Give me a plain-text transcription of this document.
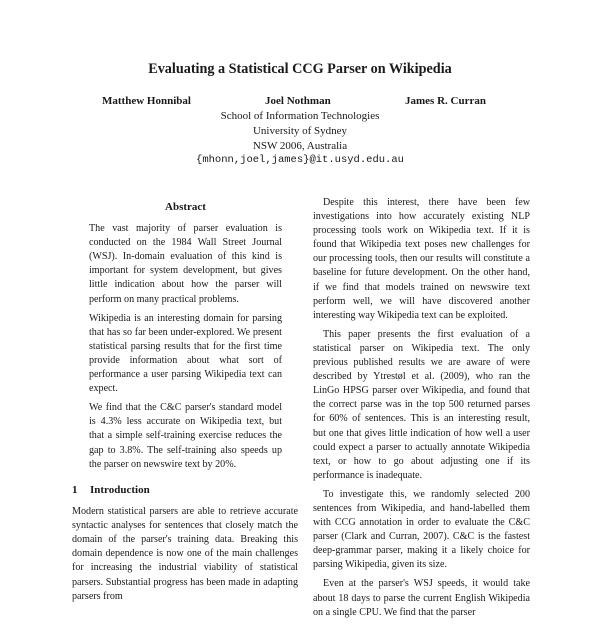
Evaluating a Statistical CCG Parser on Wikipedia
Matthew Honnibal	Joel Nothman	James R. Curran
School of Information Technologies
University of Sydney
NSW 2006, Australia
{mhonn,joel,james}@it.usyd.edu.au
Abstract

The vast majority of parser evaluation is conducted on the 1984 Wall Street Journal (WSJ). In-domain evaluation of this kind is important for system development, but gives little indication about how the parser will perform on many practical problems.

Wikipedia is an interesting domain for parsing that has so far been under-explored. We present statistical parsing results that for the first time provide information about what sort of performance a user parsing Wikipedia text can expect.

We find that the C&C parser's standard model is 4.3% less accurate on Wikipedia text, but that a simple self-training exercise reduces the gap to 3.8%. The self-training also speeds up the parser on newswire text by 20%.

1 Introduction

Modern statistical parsers are able to retrieve accurate syntactic analyses for sentences that closely match the domain of the parser's training data. Breaking this domain dependence is now one of the main challenges for increasing the industrial viability of statistical parsers. Substantial progress has been made in adapting parsers from

Despite this interest, there have been few investigations into how accurately existing NLP processing tools work on Wikipedia text. If it is found that Wikipedia text poses new challenges for our processing tools, then our results will constitute a baseline for future development. On the other hand, if we find that models trained on newswire text perform well, we will have discovered another interesting way Wikipedia text can be exploited.

This paper presents the first evaluation of a statistical parser on Wikipedia text. The only previous published results we are aware of were described by Ytrestøl et al. (2009), who ran the LinGo HPSG parser over Wikipedia, and found that the correct parse was in the top 500 returned parses for 60% of sentences. This is an interesting result, but one that gives little indication of how well a user could expect a parser to actually annotate Wikipedia text, or how to go about adjusting one if its performance is inadequate.

To investigate this, we randomly selected 200 sentences from Wikipedia, and hand-labelled them with CCG annotation in order to evaluate the C&C parser (Clark and Curran, 2007). C&C is the fastest deep-grammar parser, making it a likely choice for parsing Wikipedia, given its size.

Even at the parser's WSJ speeds, it would take about 18 days to parse the current English Wikipedia on a single CPU. We find that the parser
